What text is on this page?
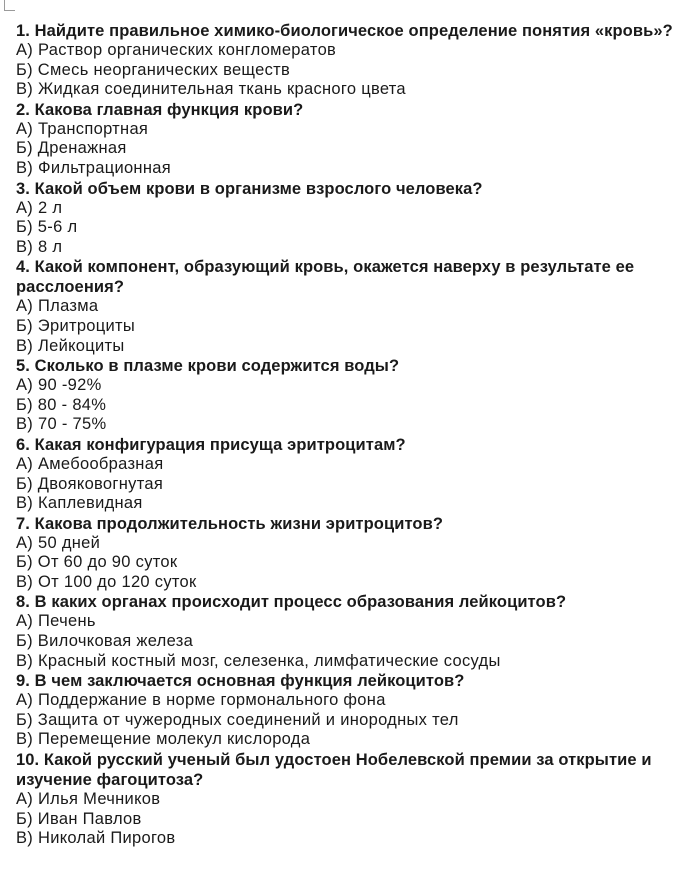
1. Найдите правильное химико-биологическое определение понятия «кровь»?
А) Раствор органических конгломератов
Б) Смесь неорганических веществ
В) Жидкая соединительная ткань красного цвета
2. Какова главная функция крови?
А) Транспортная
Б) Дренажная
В) Фильтрационная
3. Какой объем крови в организме взрослого человека?
А) 2 л
Б) 5-6 л
В) 8 л
4. Какой компонент, образующий кровь, окажется наверху в результате ее расслоения?
А) Плазма
Б) Эритроциты
В) Лейкоциты
5. Сколько в плазме крови содержится воды?
А) 90 -92%
Б) 80 - 84%
В) 70 - 75%
6. Какая конфигурация присуща эритроцитам?
А) Амебообразная
Б) Двояковогнутая
В) Каплевидная
7. Какова продолжительность жизни эритроцитов?
А) 50 дней
Б) От 60 до 90 суток
В) От 100 до 120 суток
8. В каких органах происходит процесс образования лейкоцитов?
А) Печень
Б) Вилочковая железа
В) Красный костный мозг, селезенка, лимфатические сосуды
9. В чем заключается основная функция лейкоцитов?
А) Поддержание в норме гормонального фона
Б) Защита от чужеродных соединений и инородных тел
В) Перемещение молекул кислорода
10. Какой русский ученый был удостоен Нобелевской премии за открытие и изучение фагоцитоза?
А) Илья Мечников
Б) Иван Павлов
В) Николай Пирогов
